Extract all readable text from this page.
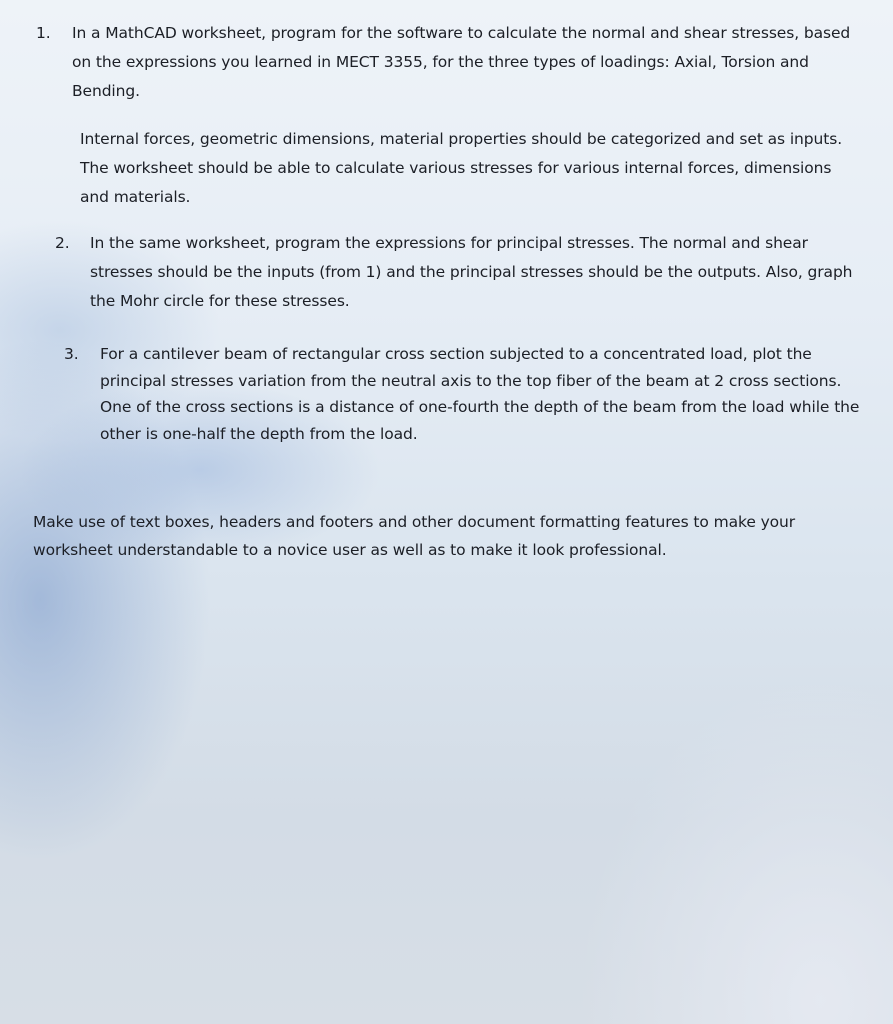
1. In a MathCAD worksheet, program for the software to calculate the normal and shear stresses, based on the expressions you learned in MECT 3355, for the three types of loadings: Axial, Torsion and Bending.
Internal forces, geometric dimensions, material properties should be categorized and set as inputs. The worksheet should be able to calculate various stresses for various internal forces, dimensions and materials.
2. In the same worksheet, program the expressions for principal stresses. The normal and shear stresses should be the inputs (from 1) and the principal stresses should be the outputs. Also, graph the Mohr circle for these stresses.
3. For a cantilever beam of rectangular cross section subjected to a concentrated load, plot the principal stresses variation from the neutral axis to the top fiber of the beam at 2 cross sections. One of the cross sections is a distance of one-fourth the depth of the beam from the load while the other is one-half the depth from the load.
Make use of text boxes, headers and footers and other document formatting features to make your worksheet understandable to a novice user as well as to make it look professional.
